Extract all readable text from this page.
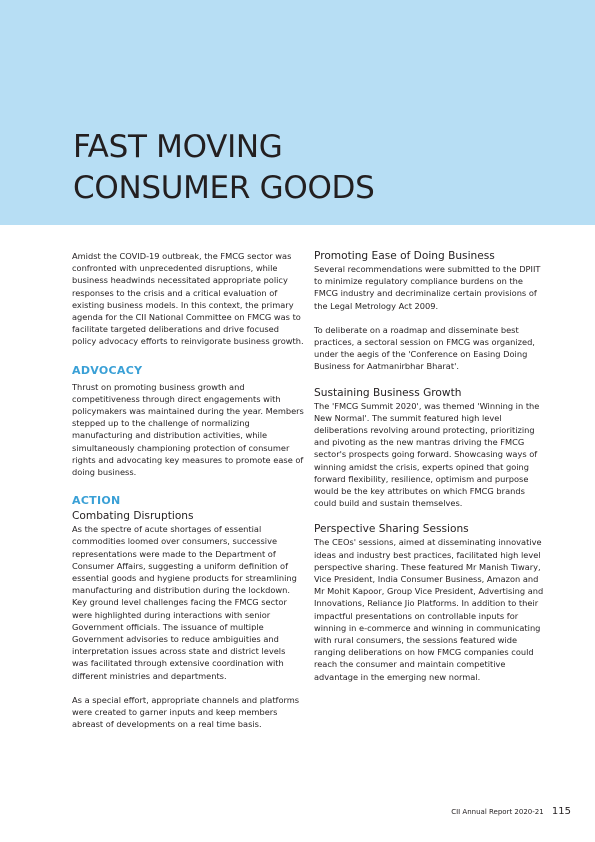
FAST MOVING
CONSUMER GOODS

Amidst the COVID-19 outbreak, the FMCG sector was confronted with unprecedented disruptions, while business headwinds necessitated appropriate policy responses to the crisis and a critical evaluation of existing business models. In this context, the primary agenda for the CII National Committee on FMCG was to facilitate targeted deliberations and drive focused policy advocacy efforts to reinvigorate business growth.

ADVOCACY

Thrust on promoting business growth and competitiveness through direct engagements with policymakers was maintained during the year. Members stepped up to the challenge of normalizing manufacturing and distribution activities, while simultaneously championing protection of consumer rights and advocating key measures to promote ease of doing business.

ACTION
Combating Disruptions

As the spectre of acute shortages of essential commodities loomed over consumers, successive representations were made to the Department of Consumer Affairs, suggesting a uniform definition of essential goods and hygiene products for streamlining manufacturing and distribution during the lockdown. Key ground level challenges facing the FMCG sector were highlighted during interactions with senior Government officials. The issuance of multiple Government advisories to reduce ambiguities and interpretation issues across state and district levels was facilitated through extensive coordination with different ministries and departments.

As a special effort, appropriate channels and platforms were created to garner inputs and keep members abreast of developments on a real time basis.

Promoting Ease of Doing Business

Several recommendations were submitted to the DPIIT to minimize regulatory compliance burdens on the FMCG industry and decriminalize certain provisions of the Legal Metrology Act 2009.

To deliberate on a roadmap and disseminate best practices, a sectoral session on FMCG was organized, under the aegis of the 'Conference on Easing Doing Business for Aatmanirbhar Bharat'.

Sustaining Business Growth

The 'FMCG Summit 2020', was themed 'Winning in the New Normal'. The summit featured high level deliberations revolving around protecting, prioritizing and pivoting as the new mantras driving the FMCG sector's prospects going forward. Showcasing ways of winning amidst the crisis, experts opined that going forward flexibility, resilience, optimism and purpose would be the key attributes on which FMCG brands could build and sustain themselves.

Perspective Sharing Sessions

The CEOs' sessions, aimed at disseminating innovative ideas and industry best practices, facilitated high level perspective sharing. These featured Mr Manish Tiwary, Vice President, India Consumer Business, Amazon and Mr Mohit Kapoor, Group Vice President, Advertising and Innovations, Reliance Jio Platforms. In addition to their impactful presentations on controllable inputs for winning in e-commerce and winning in communicating with rural consumers, the sessions featured wide ranging deliberations on how FMCG companies could reach the consumer and maintain competitive advantage in the emerging new normal.

CII Annual Report 2020-21 115
